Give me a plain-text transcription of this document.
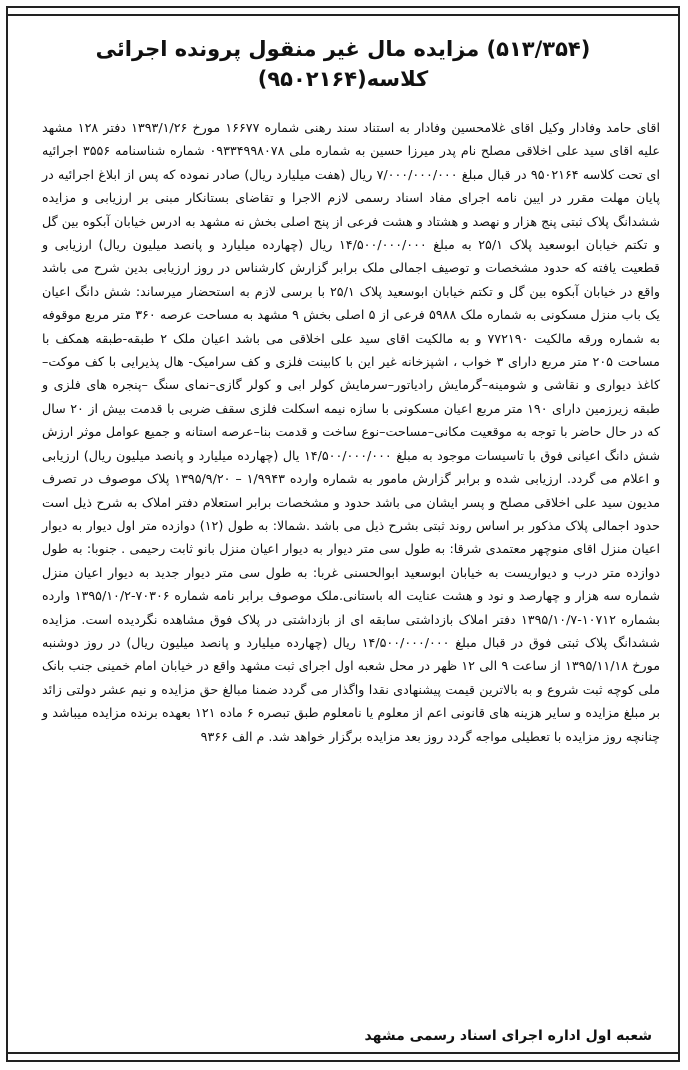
(۵۱۳/۳۵۴) مزایده مال غیر منقول پرونده اجرائی کلاسه(۹۵۰۲۱۶۴)

اقای حامد وفادار وکیل اقای غلامحسین وفادار به استناد سند رهنی شماره ۱۶۶۷۷ مورخ ۱۳۹۳/۱/۲۶ دفتر ۱۲۸ مشهد علیه اقای سید علی اخلاقی مصلح نام پدر میرزا حسین به شماره ملی ۰۹۳۳۴۹۹۸۰۷۸ شماره شناسنامه ۳۵۵۶ اجرائیه ای تحت کلاسه ۹۵۰۲۱۶۴ در قبال مبلغ ۷/۰۰۰/۰۰۰/۰۰۰ ریال (هفت میلیارد ریال) صادر نموده که پس از ابلاغ اجرائیه در پایان مهلت مقرر در ایین نامه اجرای مفاد اسناد رسمی لازم الاجرا و تقاضای بستانکار مبنی بر ارزیابی و مزایده ششدانگ پلاک ثبتی پنج هزار و نهصد و هشتاد و هشت فرعی از پنج اصلی بخش نه مشهد به ادرس خیابان آبکوه بین گل و تکتم خیابان ابوسعید پلاک ۲۵/۱ به مبلغ ۱۴/۵۰۰/۰۰۰/۰۰۰ ریال (چهارده میلیارد و پانصد میلیون ریال) ارزیابی و قطعیت یافته که حدود مشخصات و توصیف اجمالی ملک برابر گزارش کارشناس در روز ارزیابی بدین شرح می باشد واقع در خیابان آبکوه بین گل و تکتم خیابان ابوسعید پلاک ۲۵/۱ با برسی لازم به استحضار میرساند: شش دانگ اعیان یک باب منزل مسکونی به شماره ملک ۵۹۸۸ فرعی از ۵ اصلی بخش ۹ مشهد به مساحت عرصه ۳۶۰ متر مربع موقوفه به شماره ورقه مالکیت ۷۷۲۱۹۰ و به مالکیت اقای سید علی اخلاقی می باشد اعیان ملک ۲ طبقه-طبقه همکف با مساحت ۲۰۵ متر مربع دارای ۳ خواب ، اشپزخانه غیر این با کابینت فلزی و کف سرامیک- هال پذیرایی با کف موکت–کاغذ دیواری و نقاشی و شومینه–گرمایش رادیاتور–سرمایش کولر ابی و کولر گازی–نمای سنگ –پنجره های فلزی و طبقه زیرزمین دارای ۱۹۰ متر مربع اعیان مسکونی با سازه نیمه اسکلت فلزی سقف ضربی با قدمت بیش از ۲۰ سال که در حال حاضر با توجه به موقعیت مکانی–مساحت–نوع ساخت و قدمت بنا–عرصه استانه و جمیع عوامل موثر ارزش شش دانگ اعیانی فوق با تاسیسات موجود به مبلغ ۱۴/۵۰۰/۰۰۰/۰۰۰ یال (چهارده میلیارد و پانصد میلیون ریال) ارزیابی و اعلام می گردد. ارزیابی شده و برابر گزارش مامور به شماره وارده ۱/۹۹۴۳ – ۱۳۹۵/۹/۲۰ پلاک موصوف در تصرف مدیون سید علی اخلاقی مصلح و پسر ایشان می باشد حدود و مشخصات برابر استعلام دفتر املاک به شرح ذیل است حدود اجمالی پلاک مذکور بر اساس روند ثبتی بشرح ذیل می باشد .شمالا: به طول (۱۲) دوازده متر اول دیوار به دیوار اعیان منزل اقای منوچهر معتمدی شرقا: به طول سی متر دیوار به دیوار اعیان منزل بانو ثابت رحیمی . جنوبا: به طول دوازده متر درب و دیواریست به خیابان ابوسعید ابوالحسنی غربا: به طول سی متر دیوار جدید به دیوار اعیان منزل شماره سه هزار و چهارصد و نود و هشت عنایت اله باستانی.ملک موصوف برابر نامه شماره ۷۰۳۰۶-۱۳۹۵/۱۰/۲ وارده بشماره ۱۰۷۱۲-۱۳۹۵/۱۰/۷ دفتر املاک بازداشتی سابقه ای از بازداشتی در پلاک فوق مشاهده نگردیده است. مزایده ششدانگ پلاک ثبتی فوق در قبال مبلغ ۱۴/۵۰۰/۰۰۰/۰۰۰ ریال (چهارده میلیارد و پانصد میلیون ریال) در روز دوشنبه مورخ ۱۳۹۵/۱۱/۱۸ از ساعت ۹ الی ۱۲ ظهر در محل شعبه اول اجرای ثبت مشهد واقع در خیابان امام خمینی جنب بانک ملی کوچه ثبت شروع و به بالاترین قیمت پیشنهادی نقدا واگذار می گردد ضمنا مبالغ حق مزایده و نیم عشر دولتی زائد بر مبلغ مزایده و سایر هزینه های قانونی اعم از معلوم یا نامعلوم طبق تبصره ۶ ماده ۱۲۱ بعهده برنده مزایده میباشد و چنانچه روز مزایده با تعطیلی مواجه گردد روز بعد مزایده برگزار خواهد شد. م الف ۹۳۶۶

شعبه اول اداره اجرای اسناد رسمی مشهد
